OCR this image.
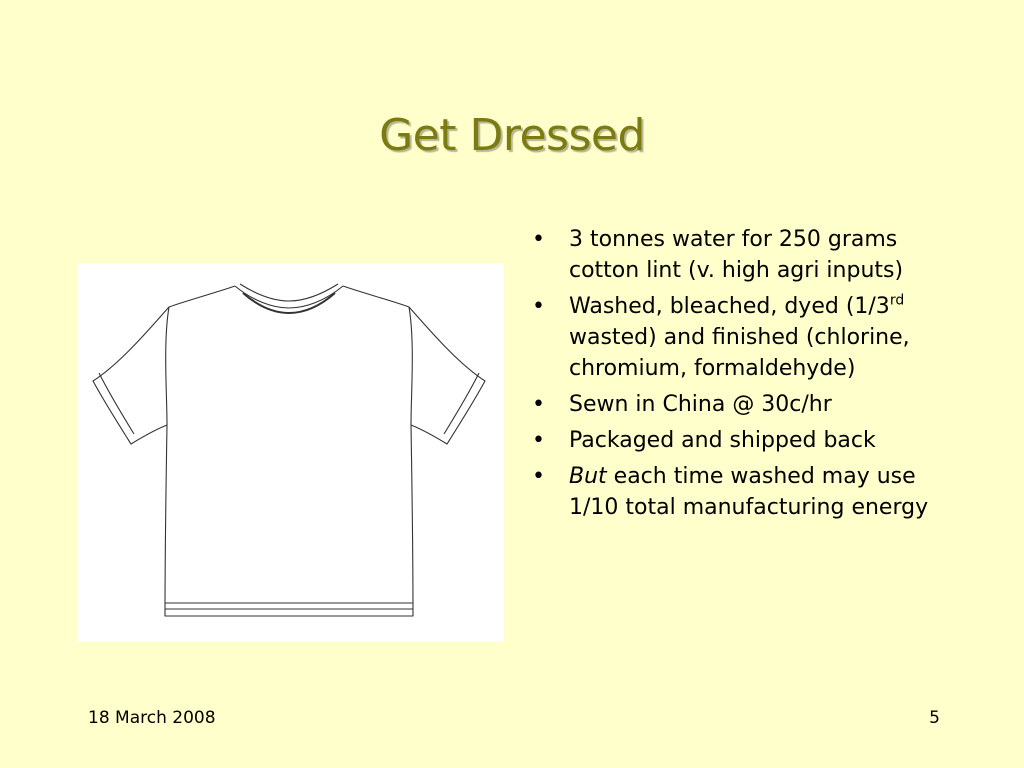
Get Dressed
• 3 tonnes water for 250 grams
cotton lint (v. high agri inputs)
• Washed, bleached, dyed (1/3rd
wasted) and finished (chlorine,
chromium, formaldehyde)
• Sewn in China @ 30c/hr
• Packaged and shipped back
• But each time washed may use
1/10 total manufacturing energy
18 March 2008	5
